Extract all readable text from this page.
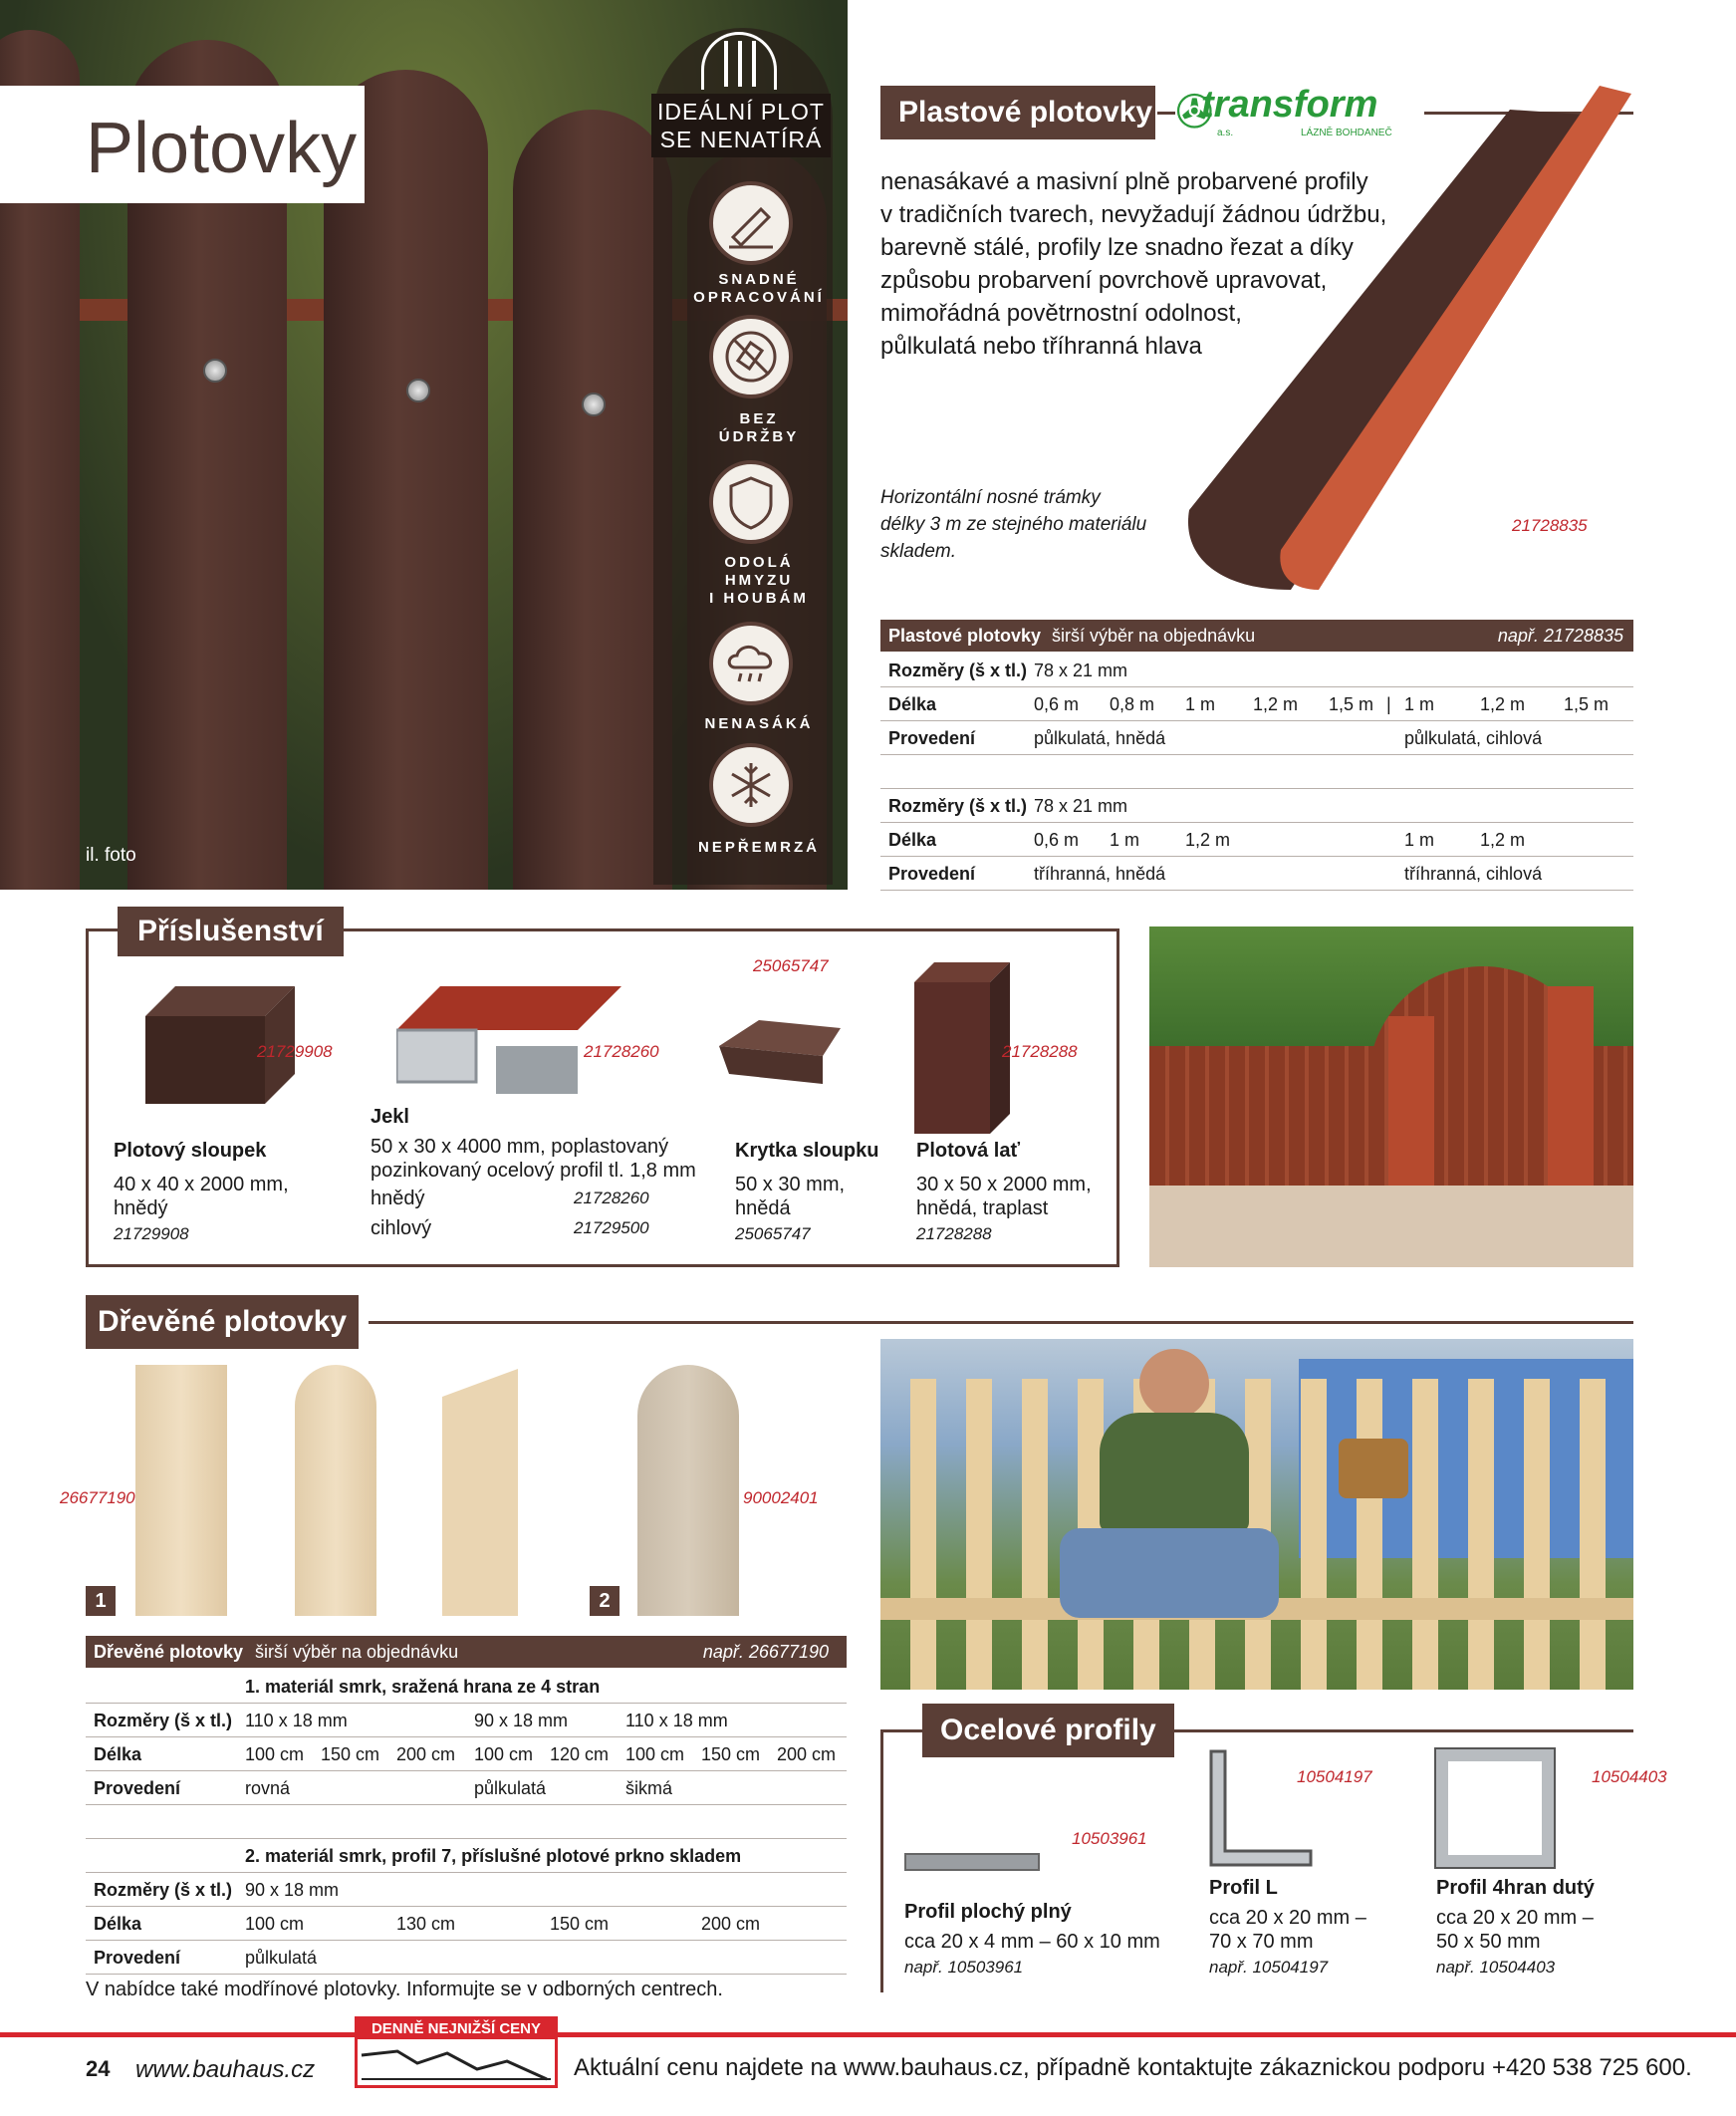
Plotovky	IDEÁLNÍ PLOT
SE NENATÍRÁ
SNADNÉ
OPRACOVÁNÍ
BEZ
ÚDRŽBY
ODOLÁ
HMYZU
I HOUBÁM
NENASÁKÁ
NEPŘEMRZÁ
il. foto
Plastové plotovky ✇
transform
a.s.	LÁZNĚ BOHDANEČ
nenasákavé a masivní plně probarvené profily
v tradičních tvarech, nevyžadují žádnou údržbu,
barevně stálé, profily lze snadno řezat a díky
způsobu probarvení povrchově upravovat,
mimořádná povětrnostní odolnost,
půlkulatá nebo tříhranná hlava
Horizontální nosné trámky
délky 3 m ze stejného materiálu
skladem.
21728835
Plastové plotovky širší výběr na objednávku	např. 21728835
Rozměry (š x tl.) 78 x 21 mm
Délka	0,6 m 0,8 m 1 m 1,2 m 1,5 m | 1 m	1,2 m 1,5 m
Provedení	půlkulatá, hnědá	půlkulatá, cihlová
Rozměry (š x tl.) 78 x 21 mm
Délka	0,6 m 1 m	1,2 m	1 m	1,2 m
Provedení	tříhranná, hnědá	tříhranná, cihlová
Příslušenství
21729908	21728260
25065747
21728288
Plotový sloupek
40 x 40 x 2000 mm,
hnědý
21729908
Jekl
50 x 30 x 4000 mm, poplastovaný
pozinkovaný ocelový profil tl. 1,8 mm
hnědý	21728260
cihlový	21729500
Krytka sloupku
50 x 30 mm,
hnědá
25065747
Plotová lať
30 x 50 x 2000 mm,
hnědá, traplast
21728288
Dřevěné plotovky
26677190	90002401
1	2
Dřevěné plotovky širší výběr na objednávku	např. 26677190
1. materiál smrk, sražená hrana ze 4 stran
Rozměry (š x tl.) 110 x 18 mm	90 x 18 mm	110 x 18 mm
Délka	100 cm 150 cm 200 cm 100 cm 120 cm 100 cm 150 cm 200 cm
Provedení	rovná	půlkulatá	šikmá
2. materiál smrk, profil 7, příslušné plotové prkno skladem
Rozměry (š x tl.) 90 x 18 mm
Délka	100 cm	130 cm	150 cm	200 cm
Provedení	půlkulatá
V nabídce také modřínové plotovky. Informujte se v odborných centrech.
Ocelové profily
10503961
10504197	10504403
Profil plochý plný
cca 20 x 4 mm – 60 x 10 mm
např. 10503961
Profil L
cca 20 x 20 mm –
70 x 70 mm
např. 10504197
Profil 4hran dutý
cca 20 x 20 mm –
50 x 50 mm
např. 10504403
24 www.bauhaus.cz
DENNĚ NEJNIŽŠÍ CENY
Aktuální cenu najdete na www.bauhaus.cz, případně kontaktujte zákaznickou podporu +420 538 725 600.
